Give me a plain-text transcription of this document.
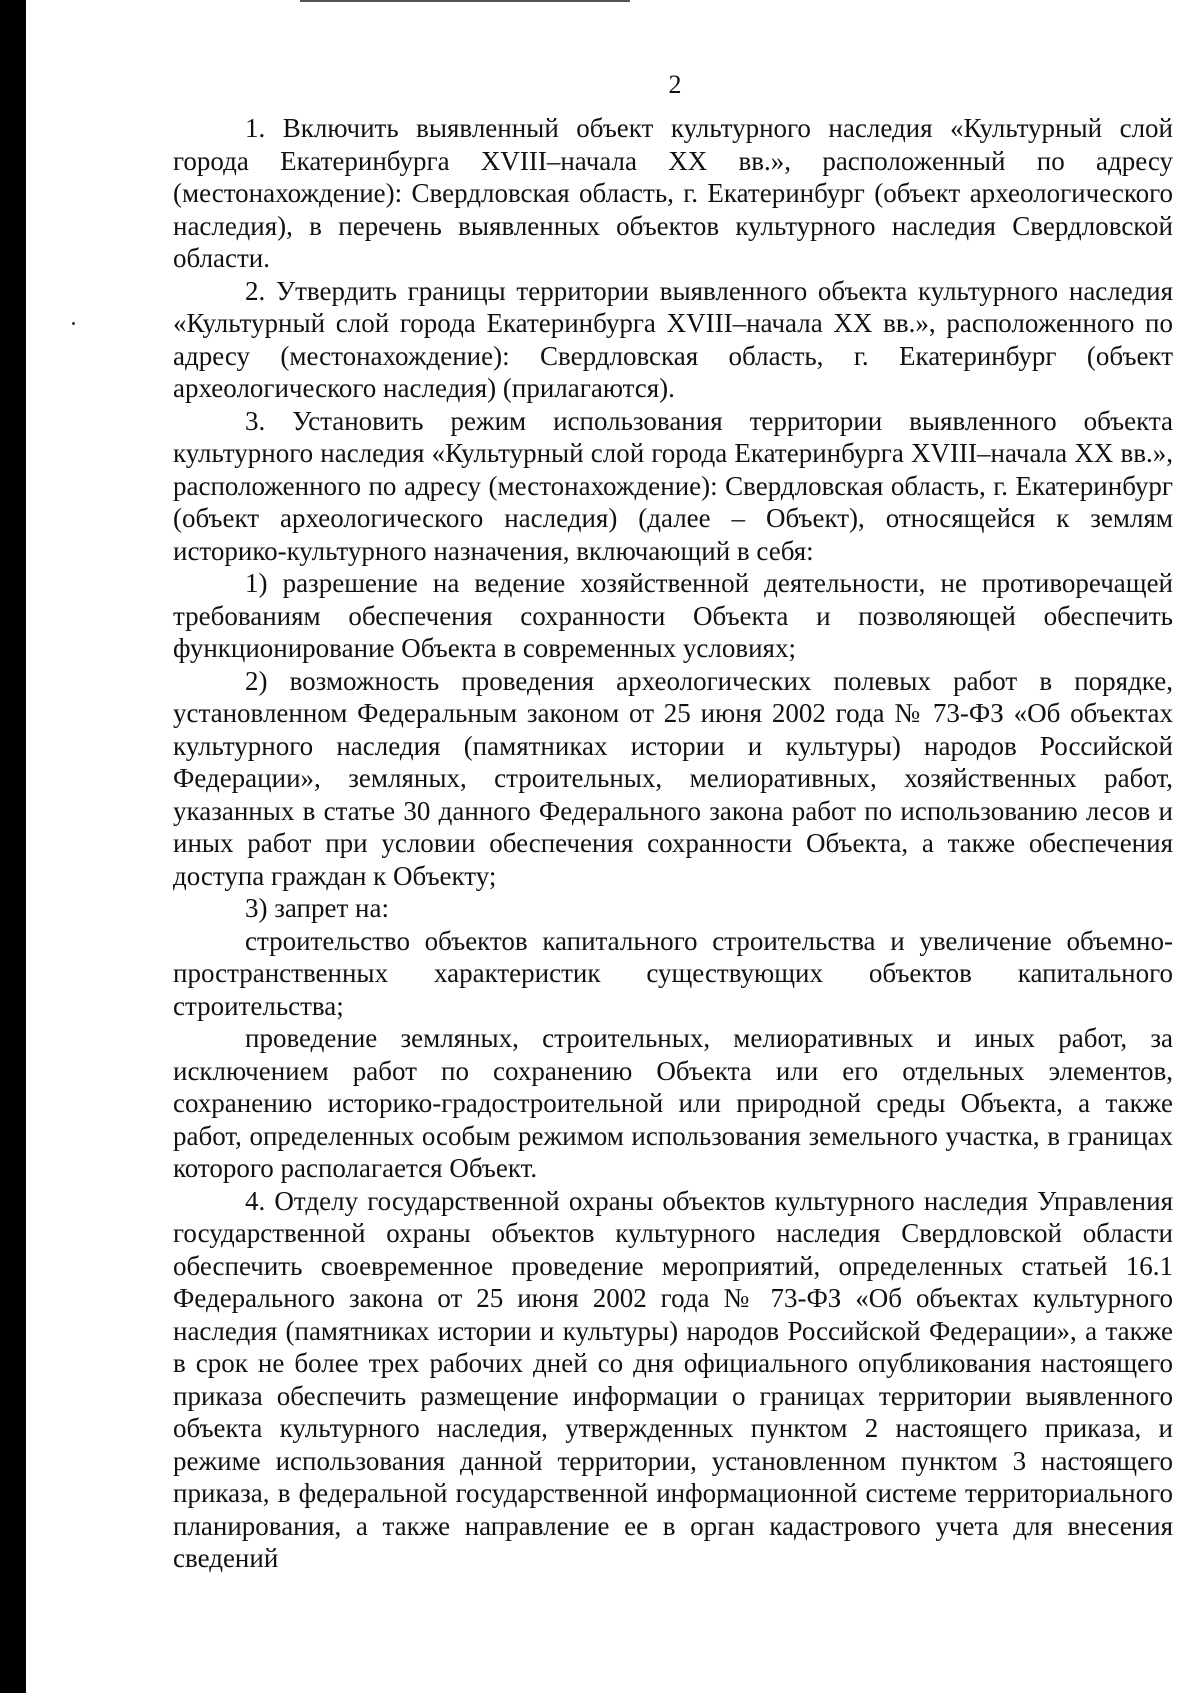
2

1. Включить выявленный объект культурного наследия «Культурный слой города Екатеринбурга XVIII–начала XX вв.», расположенный по адресу (местонахождение): Свердловская область, г. Екатеринбург (объект археологического наследия), в перечень выявленных объектов культурного наследия Свердловской области.

2. Утвердить границы территории выявленного объекта культурного наследия «Культурный слой города Екатеринбурга XVIII–начала XX вв.», расположенного по адресу (местонахождение): Свердловская область, г. Екатеринбург (объект археологического наследия) (прилагаются).

3. Установить режим использования территории выявленного объекта культурного наследия «Культурный слой города Екатеринбурга XVIII–начала XX вв.», расположенного по адресу (местонахождение): Свердловская область, г. Екатеринбург (объект археологического наследия) (далее – Объект), относящейся к землям историко-культурного назначения, включающий в себя:

1) разрешение на ведение хозяйственной деятельности, не противоречащей требованиям обеспечения сохранности Объекта и позволяющей обеспечить функционирование Объекта в современных условиях;

2) возможность проведения археологических полевых работ в порядке, установленном Федеральным законом от 25 июня 2002 года № 73-ФЗ «Об объектах культурного наследия (памятниках истории и культуры) народов Российской Федерации», земляных, строительных, мелиоративных, хозяйственных работ, указанных в статье 30 данного Федерального закона работ по использованию лесов и иных работ при условии обеспечения сохранности Объекта, а также обеспечения доступа граждан к Объекту;

3) запрет на:

строительство объектов капитального строительства и увеличение объемно-пространственных характеристик существующих объектов капитального строительства;

проведение земляных, строительных, мелиоративных и иных работ, за исключением работ по сохранению Объекта или его отдельных элементов, сохранению историко-градостроительной или природной среды Объекта, а также работ, определенных особым режимом использования земельного участка, в границах которого располагается Объект.

4. Отделу государственной охраны объектов культурного наследия Управления государственной охраны объектов культурного наследия Свердловской области обеспечить своевременное проведение мероприятий, определенных статьей 16.1 Федерального закона от 25 июня 2002 года № 73-ФЗ «Об объектах культурного наследия (памятниках истории и культуры) народов Российской Федерации», а также в срок не более трех рабочих дней со дня официального опубликования настоящего приказа обеспечить размещение информации о границах территории выявленного объекта культурного наследия, утвержденных пунктом 2 настоящего приказа, и режиме использования данной территории, установленном пунктом 3 настоящего приказа, в федеральной государственной информационной системе территориального планирования, а также направление ее в орган кадастрового учета для внесения сведений
